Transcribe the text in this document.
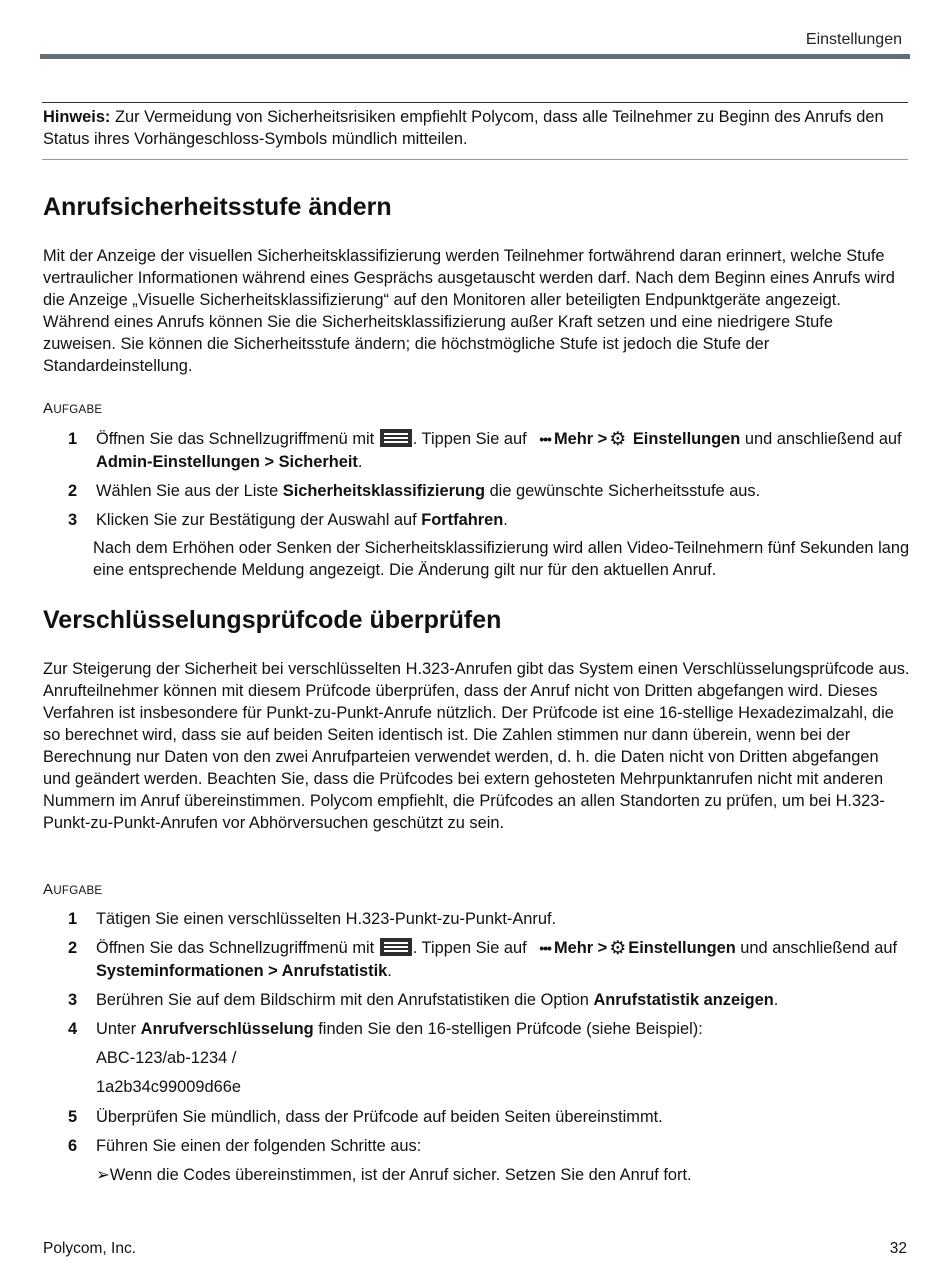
Einstellungen
Hinweis: Zur Vermeidung von Sicherheitsrisiken empfiehlt Polycom, dass alle Teilnehmer zu Beginn des Anrufs den Status ihres Vorhängeschloss-Symbols mündlich mitteilen.
Anrufsicherheitsstufe ändern
Mit der Anzeige der visuellen Sicherheitsklassifizierung werden Teilnehmer fortwährend daran erinnert, welche Stufe vertraulicher Informationen während eines Gesprächs ausgetauscht werden darf. Nach dem Beginn eines Anrufs wird die Anzeige „Visuelle Sicherheitsklassifizierung“ auf den Monitoren aller beteiligten Endpunktgeräte angezeigt. Während eines Anrufs können Sie die Sicherheitsklassifizierung außer Kraft setzen und eine niedrigere Stufe zuweisen. Sie können die Sicherheitsstufe ändern; die höchstmögliche Stufe ist jedoch die Stufe der Standardeinstellung.
AUFGABE
1 Öffnen Sie das Schnellzugriffmenü mit
. Tippen Sie auf ••• Mehr > ⚙ Einstellungen und anschließend auf Admin-Einstellungen > Sicherheit.
2 Wählen Sie aus der Liste Sicherheitsklassifizierung die gewünschte Sicherheitsstufe aus.
3 Klicken Sie zur Bestätigung der Auswahl auf Fortfahren.
Nach dem Erhöhen oder Senken der Sicherheitsklassifizierung wird allen Video-Teilnehmern fünf Sekunden lang eine entsprechende Meldung angezeigt. Die Änderung gilt nur für den aktuellen Anruf.
Verschlüsselungsprüfcode überprüfen
Zur Steigerung der Sicherheit bei verschlüsselten H.323-Anrufen gibt das System einen Verschlüsselungsprüfcode aus. Anrufteilnehmer können mit diesem Prüfcode überprüfen, dass der Anruf nicht von Dritten abgefangen wird. Dieses Verfahren ist insbesondere für Punkt-zu-Punkt-Anrufe nützlich. Der Prüfcode ist eine 16-stellige Hexadezimalzahl, die so berechnet wird, dass sie auf beiden Seiten identisch ist. Die Zahlen stimmen nur dann überein, wenn bei der Berechnung nur Daten von den zwei Anrufparteien verwendet werden, d. h. die Daten nicht von Dritten abgefangen und geändert werden. Beachten Sie, dass die Prüfcodes bei extern gehosteten Mehrpunktanrufen nicht mit anderen Nummern im Anruf übereinstimmen. Polycom empfiehlt, die Prüfcodes an allen Standorten zu prüfen, um bei H.323-Punkt-zu-Punkt-Anrufen vor Abhörversuchen geschützt zu sein.
AUFGABE
1 Tätigen Sie einen verschlüsselten H.323-Punkt-zu-Punkt-Anruf.
2 Öffnen Sie das Schnellzugriffmenü mit
. Tippen Sie auf ••• Mehr > ⚙ Einstellungen und anschließend auf Systeminformationen > Anrufstatistik.
3 Berühren Sie auf dem Bildschirm mit den Anrufstatistiken die Option Anrufstatistik anzeigen.
4 Unter Anrufverschlüsselung finden Sie den 16-stelligen Prüfcode (siehe Beispiel):
ABC-123/ab-1234 /
1a2b34c99009d66e
5 Überprüfen Sie mündlich, dass der Prüfcode auf beiden Seiten übereinstimmt.
6 Führen Sie einen der folgenden Schritte aus:
➢Wenn die Codes übereinstimmen, ist der Anruf sicher. Setzen Sie den Anruf fort.
Polycom, Inc.	32
